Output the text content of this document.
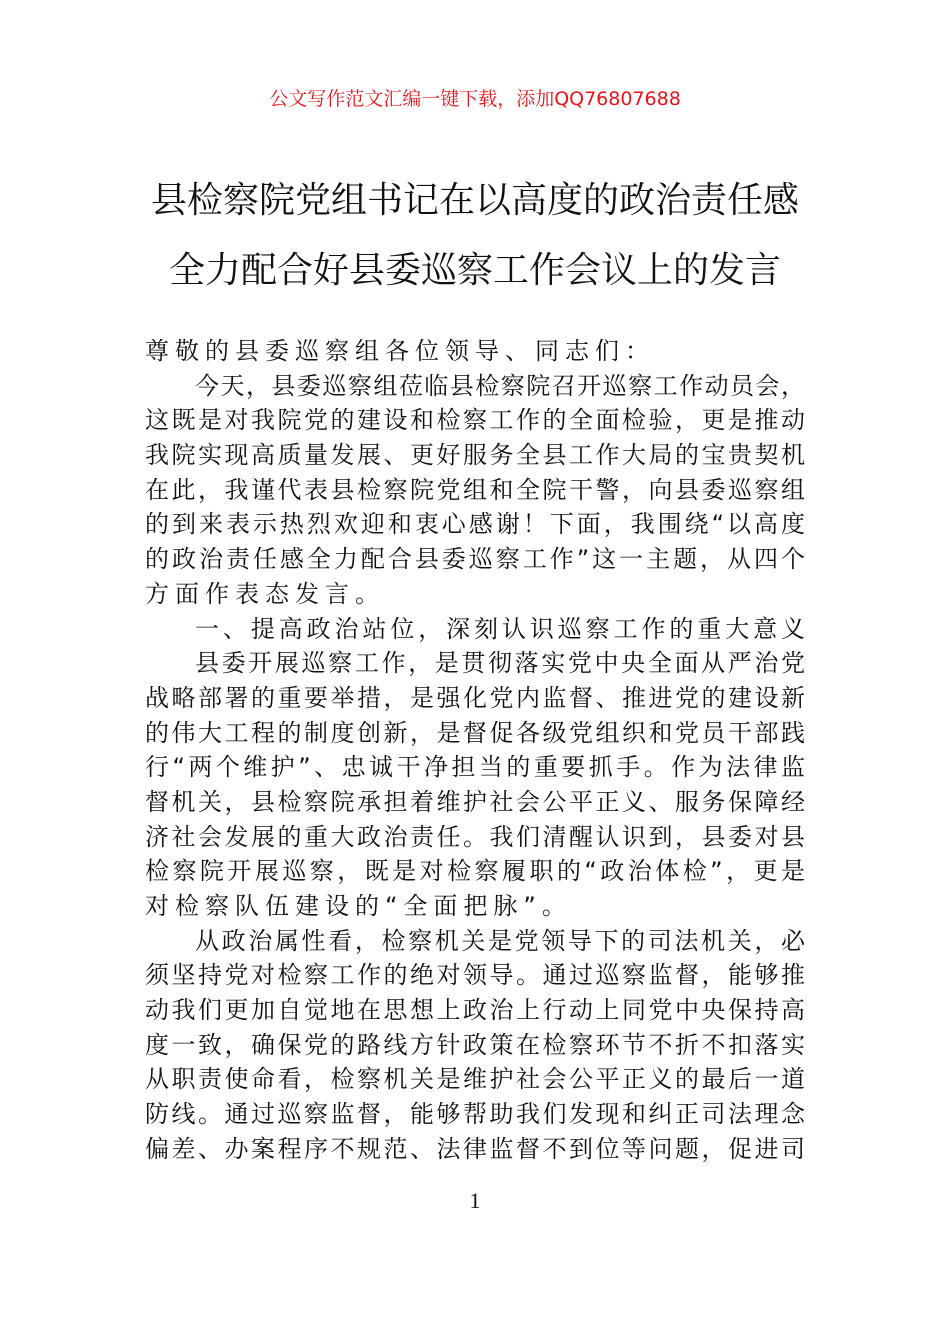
公文写作范文汇编一键下载，添加QQ76807688
县检察院党组书记在以高度的政治责任感
全力配合好县委巡察工作会议上的发言
尊敬的县委巡察组各位领导、同志们：
今天，县委巡察组莅临县检察院召开巡察工作动员会，
这既是对我院党的建设和检察工作的全面检验，更是推动
我院实现高质量发展、更好服务全县工作大局的宝贵契机
在此，我谨代表县检察院党组和全院干警，向县委巡察组
的到来表示热烈欢迎和衷心感谢！下面，我围绕“以高度
的政治责任感全力配合县委巡察工作”这一主题，从四个
方面作表态发言。
一、提高政治站位，深刻认识巡察工作的重大意义
县委开展巡察工作，是贯彻落实党中央全面从严治党
战略部署的重要举措，是强化党内监督、推进党的建设新
的伟大工程的制度创新，是督促各级党组织和党员干部践
行“两个维护”、忠诚干净担当的重要抓手。作为法律监
督机关，县检察院承担着维护社会公平正义、服务保障经
济社会发展的重大政治责任。我们清醒认识到，县委对县
检察院开展巡察，既是对检察履职的“政治体检”，更是
对检察队伍建设的“全面把脉”。
从政治属性看，检察机关是党领导下的司法机关，必
须坚持党对检察工作的绝对领导。通过巡察监督，能够推
动我们更加自觉地在思想上政治上行动上同党中央保持高
度一致，确保党的路线方针政策在检察环节不折不扣落实
从职责使命看，检察机关是维护社会公平正义的最后一道
防线。通过巡察监督，能够帮助我们发现和纠正司法理念
偏差、办案程序不规范、法律监督不到位等问题，促进司
1
